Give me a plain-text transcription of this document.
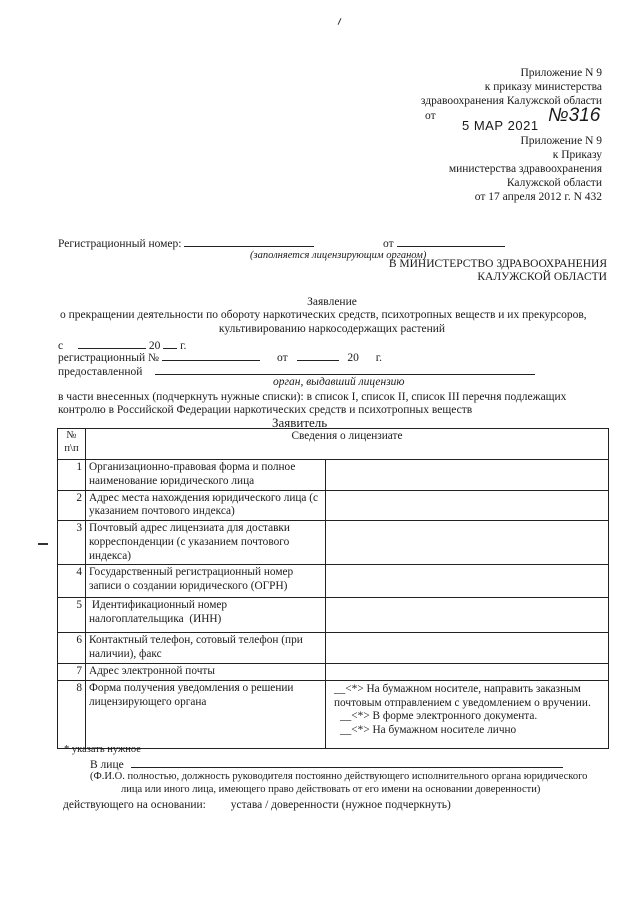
Приложение N 9
к приказу министерства
здравоохранения Калужской области
от	№316
5 МАР 2021
Приложение N 9
к Приказу
министерства здравоохранения
Калужской области
от 17 апреля 2012 г. N 432
Регистрационный номер:	от
(заполняется лицензирующим органом)
В МИНИСТЕРСТВО ЗДРАВООХРАНЕНИЯ
КАЛУЖСКОЙ ОБЛАСТИ
Заявление
о прекращении деятельности по обороту наркотических средств, психотропных веществ и их прекурсоров,
культивированию наркосодержащих растений
с	20 г.
регистрационный №	от	20 г.
предоставленной
орган, выдавший лицензию
в части внесенных (подчеркнуть нужные списки): в список I, список II, список III перечня подлежащих
контролю в Российской Федерации наркотических средств и психотропных веществ
Заявитель
№
п\п	Сведения о лицензиате	
1	Организационно-правовая форма и полное наименование юридического лица	
2	Адрес места нахождения юридического лица (с указанием почтового индекса)	
3	Почтовый адрес лицензиата для доставки корреспонденции (с указанием почтового индекса)	
4	Государственный регистрационный номер записи о создании юридического (ОГРН)	
5	Идентификационный номер налогоплательщика  (ИНН)	
6	Контактный телефон, сотовый телефон (при наличии), факс	
7	Адрес электронной почты	
8	Форма получения уведомления о решении лицензирующего органа	__<*> На бумажном носителе, направить заказным почтовым отправлением с уведомлением о вручении.
__<*> В форме электронного документа.
__<*> На бумажном носителе лично
* указать нужное
В лице
(Ф.И.О. полностью, должность руководителя постоянно действующего исполнительного органа юридического
лица или иного лица, имеющего право действовать от его имени на основании доверенности)
действующего на основании: устава / доверенности (нужное подчеркнуть)
